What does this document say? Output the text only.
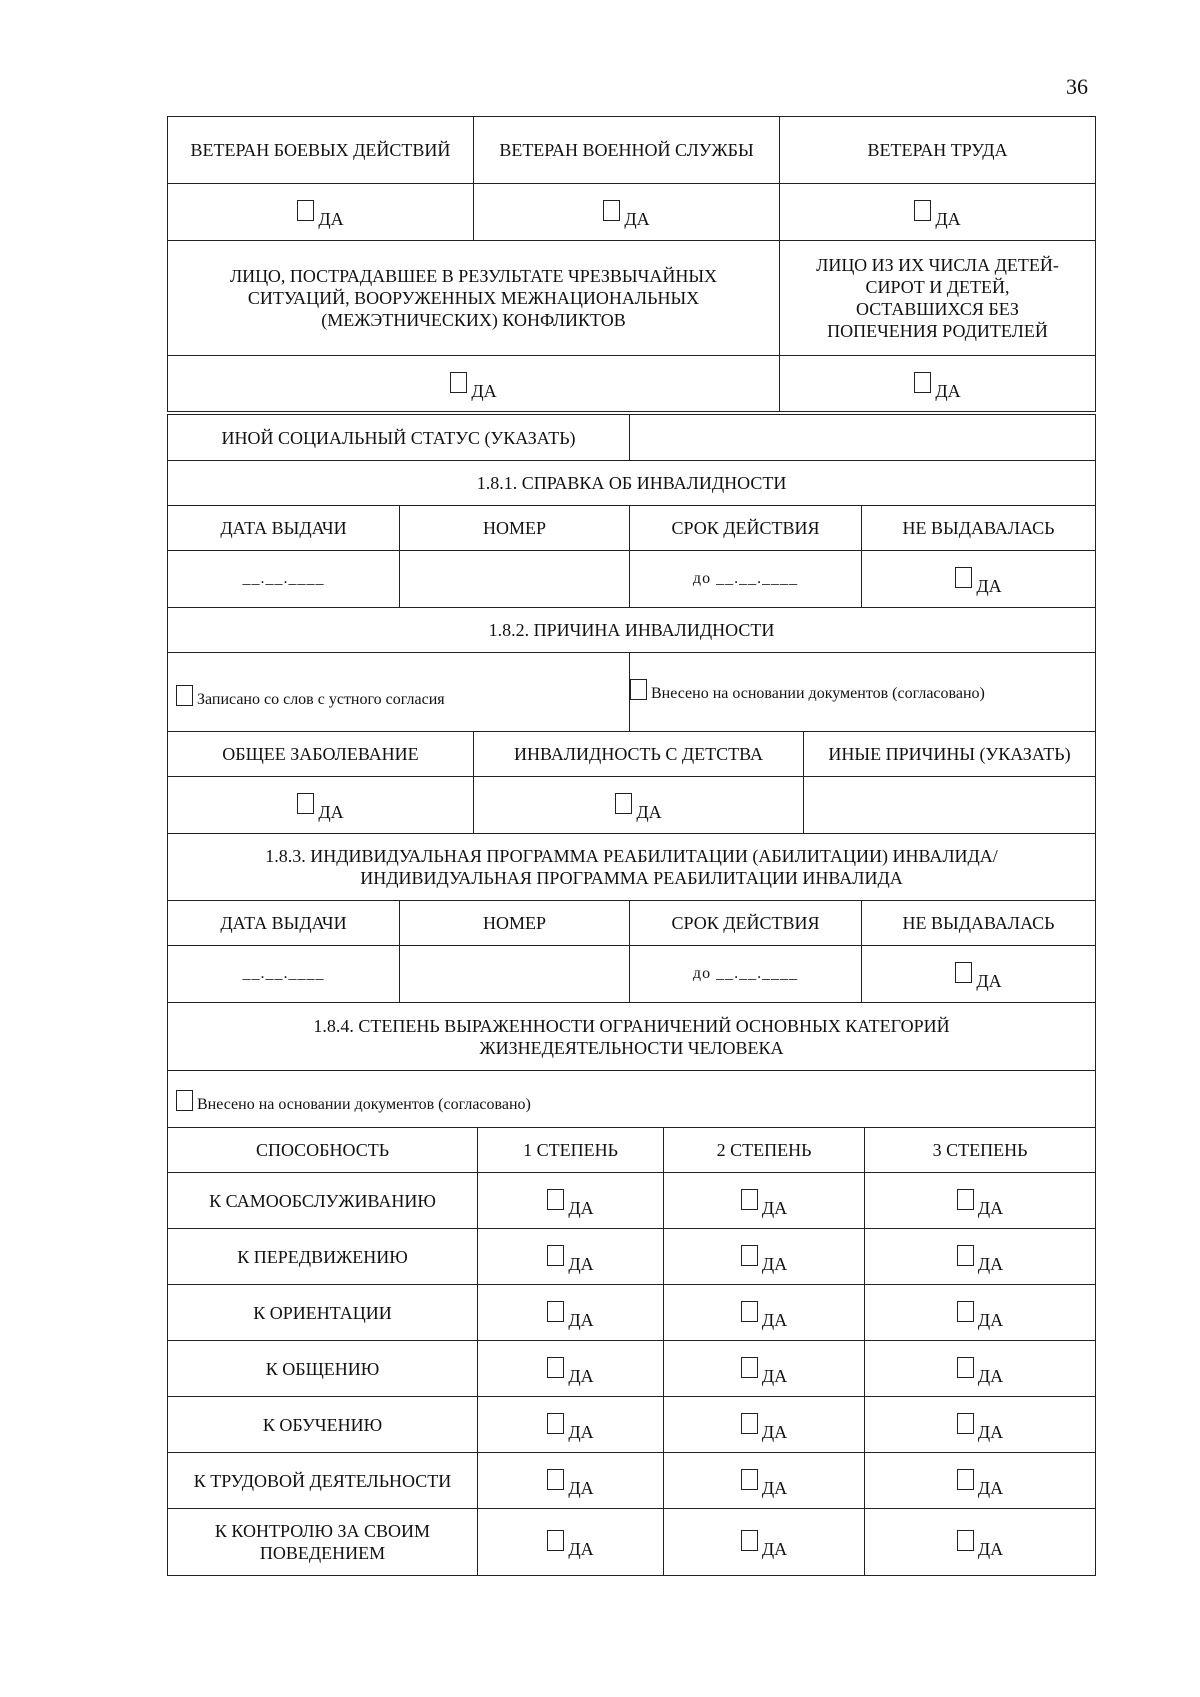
36
ВЕТЕРАН БОЕВЫХ ДЕЙСТВИЙ	ВЕТЕРАН ВОЕННОЙ СЛУЖБЫ	ВЕТЕРАН ТРУДА
ДА	ДА	ДА
ЛИЦО, ПОСТРАДАВШЕЕ В РЕЗУЛЬТАТЕ ЧРЕЗВЫЧАЙНЫХ СИТУАЦИЙ, ВООРУЖЕННЫХ МЕЖНАЦИОНАЛЬНЫХ (МЕЖЭТНИЧЕСКИХ) КОНФЛИКТОВ		ЛИЦО ИЗ ИХ ЧИСЛА ДЕТЕЙ-СИРОТ И ДЕТЕЙ, ОСТАВШИХСЯ БЕЗ ПОПЕЧЕНИЯ РОДИТЕЛЕЙ
ДА		ДА
ИНОЙ СОЦИАЛЬНЫЙ СТАТУС (УКАЗАТЬ)	
1.8.1. СПРАВКА ОБ ИНВАЛИДНОСТИ			
ДАТА ВЫДАЧИ	НОМЕР	СРОК ДЕЙСТВИЯ	НЕ ВЫДАВАЛАСЬ
__.__.____		до __.__.____	ДА
1.8.2. ПРИЧИНА ИНВАЛИДНОСТИ			
Записано со слов с устного согласия		Внесено на основании документов (согласовано)	
ОБЩЕЕ ЗАБОЛЕВАНИЕ	ИНВАЛИДНОСТЬ С ДЕТСТВА	ИНЫЕ ПРИЧИНЫ (УКАЗАТЬ)
ДА	ДА	
1.8.3. ИНДИВИДУАЛЬНАЯ ПРОГРАММА РЕАБИЛИТАЦИИ (АБИЛИТАЦИИ) ИНВАЛИДА/ИНДИВИДУАЛЬНАЯ ПРОГРАММА РЕАБИЛИТАЦИИ ИНВАЛИДА			
ДАТА ВЫДАЧИ	НОМЕР	СРОК ДЕЙСТВИЯ	НЕ ВЫДАВАЛАСЬ
__.__.____		до __.__.____	ДА
1.8.4. СТЕПЕНЬ ВЫРАЖЕННОСТИ ОГРАНИЧЕНИЙ ОСНОВНЫХ КАТЕГОРИЙ ЖИЗНЕДЕЯТЕЛЬНОСТИ ЧЕЛОВЕКА
Внесено на основании документов (согласовано)
СПОСОБНОСТЬ	1 СТЕПЕНЬ	2 СТЕПЕНЬ	3 СТЕПЕНЬ
К САМООБСЛУЖИВАНИЮ	ДА	ДА	ДА
К ПЕРЕДВИЖЕНИЮ	ДА	ДА	ДА
К ОРИЕНТАЦИИ	ДА	ДА	ДА
К ОБЩЕНИЮ	ДА	ДА	ДА
К ОБУЧЕНИЮ	ДА	ДА	ДА
К ТРУДОВОЙ ДЕЯТЕЛЬНОСТИ	ДА	ДА	ДА
К КОНТРОЛЮ ЗА СВОИМ ПОВЕДЕНИЕМ	ДА	ДА	ДА
